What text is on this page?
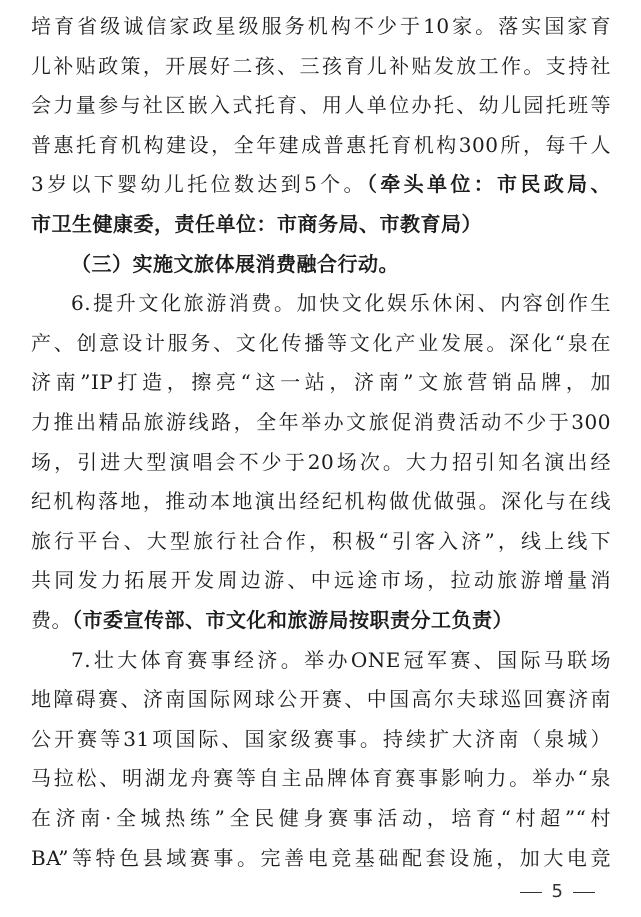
培育省级诚信家政星级服务机构不少于10家。落实国家育
儿补贴政策，开展好二孩、三孩育儿补贴发放工作。支持社
会力量参与社区嵌入式托育、用人单位办托、幼儿园托班等
普惠托育机构建设，全年建成普惠托育机构300所，每千人
3岁以下婴幼儿托位数达到5个。（牵头单位：市民政局、
市卫生健康委，责任单位：市商务局、市教育局）
（三）实施文旅体展消费融合行动。
6.提升文化旅游消费。加快文化娱乐休闲、内容创作生
产、创意设计服务、文化传播等文化产业发展。深化“泉在
济南”IP打造，擦亮“这一站，济南”文旅营销品牌，加
力推出精品旅游线路，全年举办文旅促消费活动不少于300
场，引进大型演唱会不少于20场次。大力招引知名演出经
纪机构落地，推动本地演出经纪机构做优做强。深化与在线
旅行平台、大型旅行社合作，积极“引客入济”，线上线下
共同发力拓展开发周边游、中远途市场，拉动旅游增量消
费。（市委宣传部、市文化和旅游局按职责分工负责）
7.壮大体育赛事经济。举办ONE冠军赛、国际马联场
地障碍赛、济南国际网球公开赛、中国高尔夫球巡回赛济南
公开赛等31项国际、国家级赛事。持续扩大济南（泉城）
马拉松、明湖龙舟赛等自主品牌体育赛事影响力。举办“泉
在济南·全城热练”全民健身赛事活动，培育“村超”“村
BA”等特色县域赛事。完善电竞基础配套设施，加大电竞
5
